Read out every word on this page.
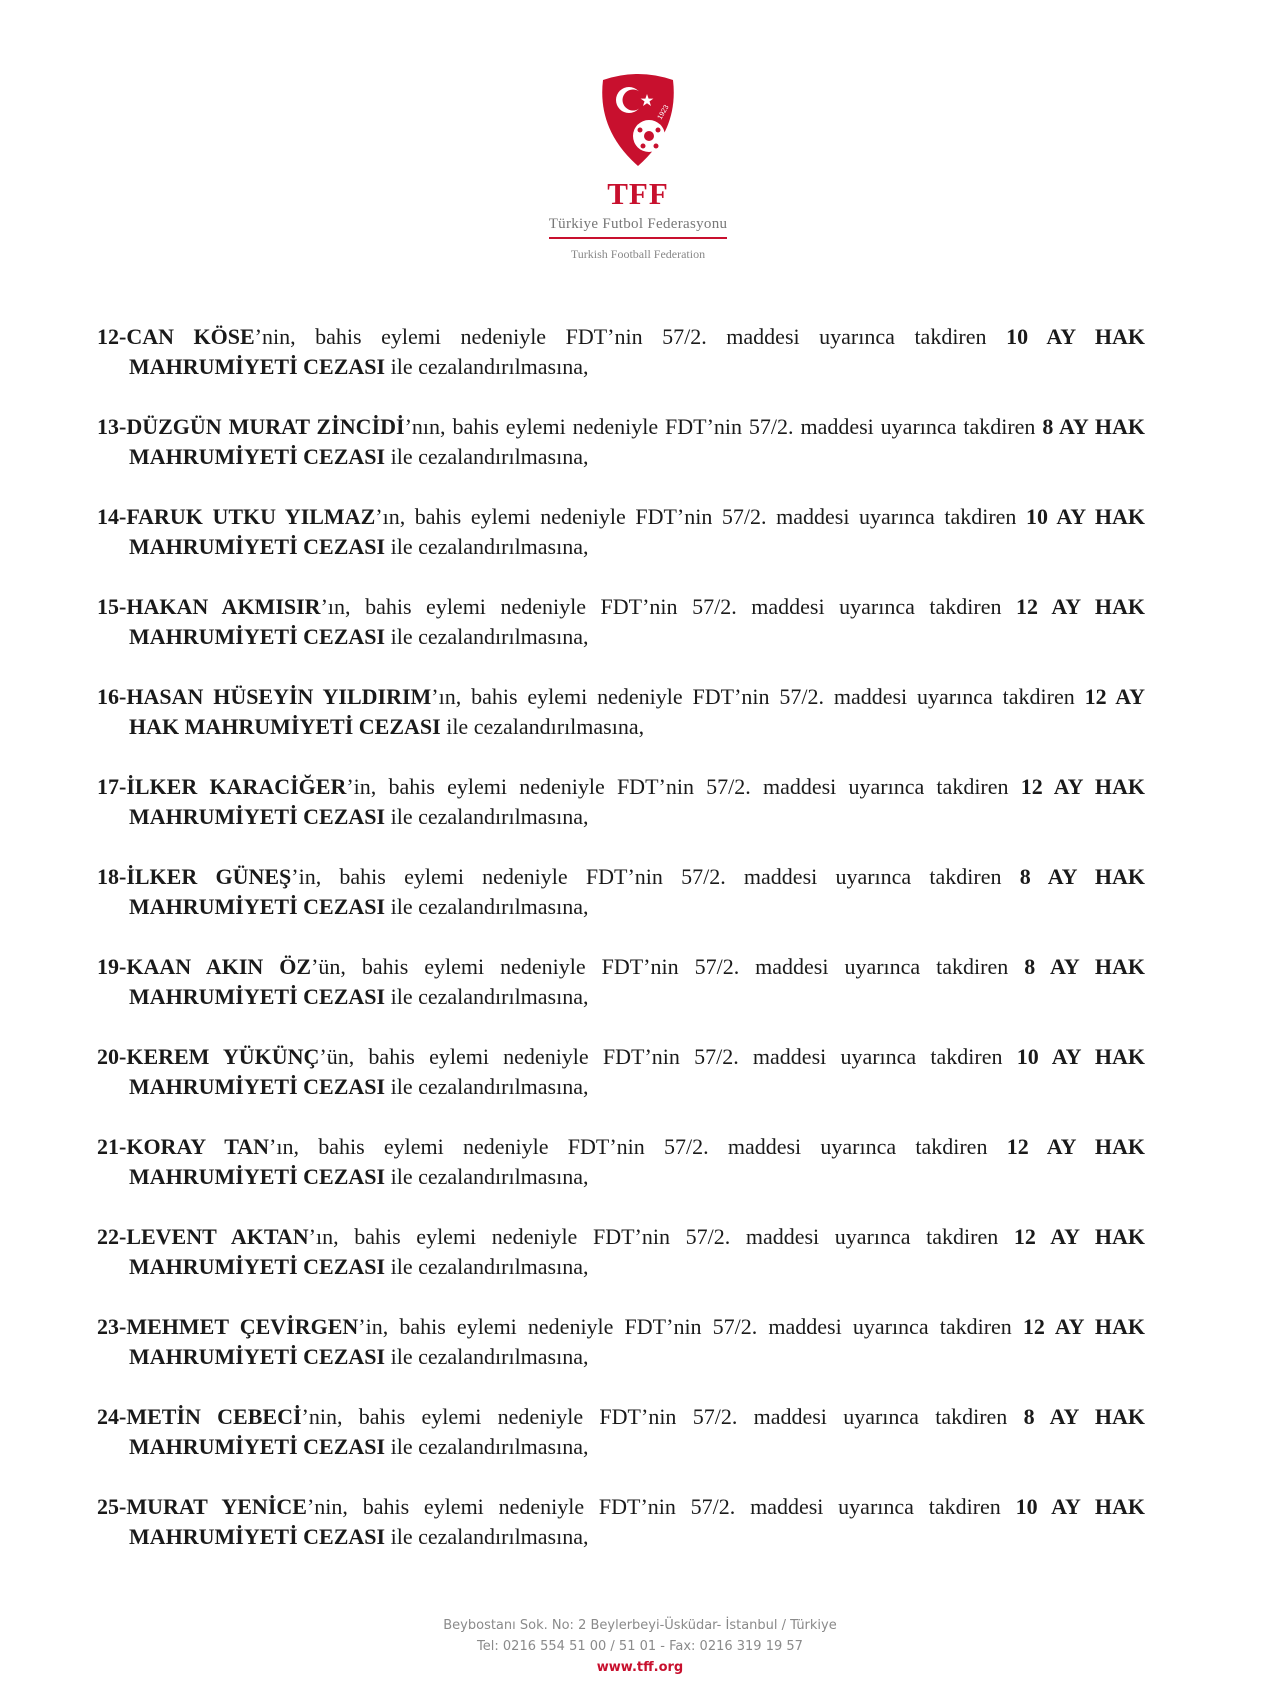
1923
TFF
Türkiye Futbol Federasyonu
Turkish Football Federation
12-CAN KÖSE’nin, bahis eylemi nedeniyle FDT’nin 57/2. maddesi uyarınca takdiren 10 AY HAK MAHRUMİYETİ CEZASI ile cezalandırılmasına,
13-DÜZGÜN MURAT ZİNCİDİ’nın, bahis eylemi nedeniyle FDT’nin 57/2. maddesi uyarınca takdiren 8 AY HAK MAHRUMİYETİ CEZASI ile cezalandırılmasına,
14-FARUK UTKU YILMAZ’ın, bahis eylemi nedeniyle FDT’nin 57/2. maddesi uyarınca takdiren 10 AY HAK MAHRUMİYETİ CEZASI ile cezalandırılmasına,
15-HAKAN AKMISIR’ın, bahis eylemi nedeniyle FDT’nin 57/2. maddesi uyarınca takdiren 12 AY HAK MAHRUMİYETİ CEZASI ile cezalandırılmasına,
16-HASAN HÜSEYİN YILDIRIM’ın, bahis eylemi nedeniyle FDT’nin 57/2. maddesi uyarınca takdiren 12 AY HAK MAHRUMİYETİ CEZASI ile cezalandırılmasına,
17-İLKER KARACİĞER’in, bahis eylemi nedeniyle FDT’nin 57/2. maddesi uyarınca takdiren 12 AY HAK MAHRUMİYETİ CEZASI ile cezalandırılmasına,
18-İLKER GÜNEŞ’in, bahis eylemi nedeniyle FDT’nin 57/2. maddesi uyarınca takdiren 8 AY HAK MAHRUMİYETİ CEZASI ile cezalandırılmasına,
19-KAAN AKIN ÖZ’ün, bahis eylemi nedeniyle FDT’nin 57/2. maddesi uyarınca takdiren 8 AY HAK MAHRUMİYETİ CEZASI ile cezalandırılmasına,
20-KEREM YÜKÜNÇ’ün, bahis eylemi nedeniyle FDT’nin 57/2. maddesi uyarınca takdiren 10 AY HAK MAHRUMİYETİ CEZASI ile cezalandırılmasına,
21-KORAY TAN’ın, bahis eylemi nedeniyle FDT’nin 57/2. maddesi uyarınca takdiren 12 AY HAK MAHRUMİYETİ CEZASI ile cezalandırılmasına,
22-LEVENT AKTAN’ın, bahis eylemi nedeniyle FDT’nin 57/2. maddesi uyarınca takdiren 12 AY HAK MAHRUMİYETİ CEZASI ile cezalandırılmasına,
23-MEHMET ÇEVİRGEN’in, bahis eylemi nedeniyle FDT’nin 57/2. maddesi uyarınca takdiren 12 AY HAK MAHRUMİYETİ CEZASI ile cezalandırılmasına,
24-METİN CEBECİ’nin, bahis eylemi nedeniyle FDT’nin 57/2. maddesi uyarınca takdiren 8 AY HAK MAHRUMİYETİ CEZASI ile cezalandırılmasına,
25-MURAT YENİCE’nin, bahis eylemi nedeniyle FDT’nin 57/2. maddesi uyarınca takdiren 10 AY HAK MAHRUMİYETİ CEZASI ile cezalandırılmasına,
Beybostanı Sok. No: 2 Beylerbeyi-Üsküdar- İstanbul / Türkiye
Tel: 0216 554 51 00 / 51 01 - Fax: 0216 319 19 57
www.tff.org
